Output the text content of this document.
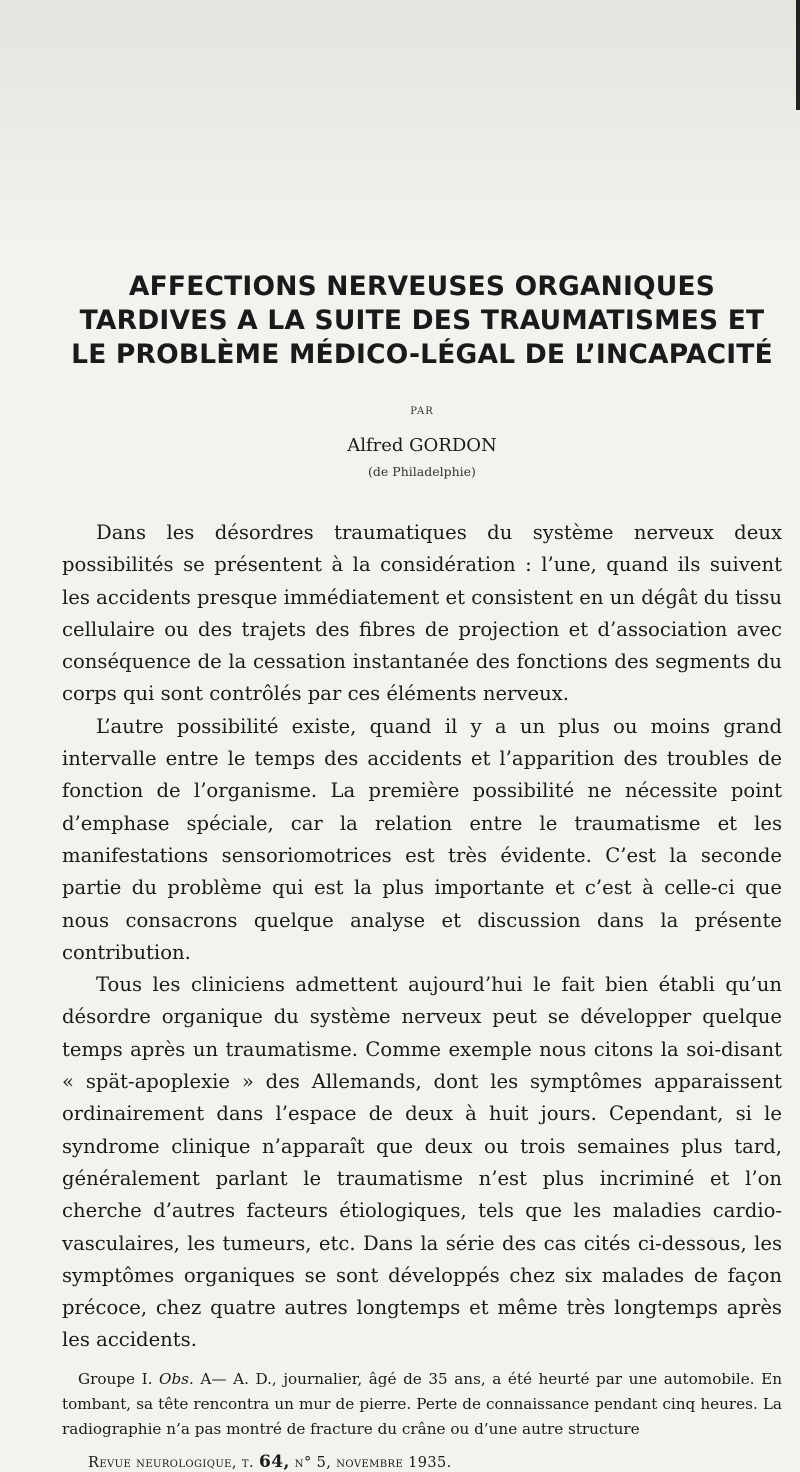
AFFECTIONS NERVEUSES ORGANIQUES
TARDIVES A LA SUITE DES TRAUMATISMES ET
LE PROBLÈME MÉDICO-LÉGAL DE L’INCAPACITÉ
PAR
Alfred GORDON
(de Philadelphie)

Dans les désordres traumatiques du système nerveux deux possibilités se présentent à la considération : l’une, quand ils suivent les accidents presque immédiatement et consistent en un dégât du tissu cellulaire ou des trajets des fibres de projection et d’association avec conséquence de la cessation instantanée des fonctions des segments du corps qui sont contrôlés par ces éléments nerveux.

L’autre possibilité existe, quand il y a un plus ou moins grand intervalle entre le temps des accidents et l’apparition des troubles de fonction de l’organisme. La première possibilité ne nécessite point d’emphase spéciale, car la relation entre le traumatisme et les manifestations sensoriomotrices est très évidente. C’est la seconde partie du problème qui est la plus importante et c’est à celle-ci que nous consacrons quelque analyse et discussion dans la présente contribution.

Tous les cliniciens admettent aujourd’hui le fait bien établi qu’un désordre organique du système nerveux peut se développer quelque temps après un traumatisme. Comme exemple nous citons la soi-disant « spät-apoplexie » des Allemands, dont les symptômes apparaissent ordinairement dans l’espace de deux à huit jours. Cependant, si le syndrome clinique n’apparaît que deux ou trois semaines plus tard, généralement parlant le traumatisme n’est plus incriminé et l’on cherche d’autres facteurs étiologiques, tels que les maladies cardio-vasculaires, les tumeurs, etc. Dans la série des cas cités ci-dessous, les symptômes organiques se sont développés chez six malades de façon précoce, chez quatre autres longtemps et même très longtemps après les accidents.

Groupe I. Obs. A— A. D., journalier, âgé de 35 ans, a été heurté par une automobile. En tombant, sa tête rencontra un mur de pierre. Perte de connaissance pendant cinq heures. La radiographie n’a pas montré de fracture du crâne ou d’une autre structure
Revue neurologique, t. 64, n° 5, novembre 1935.
